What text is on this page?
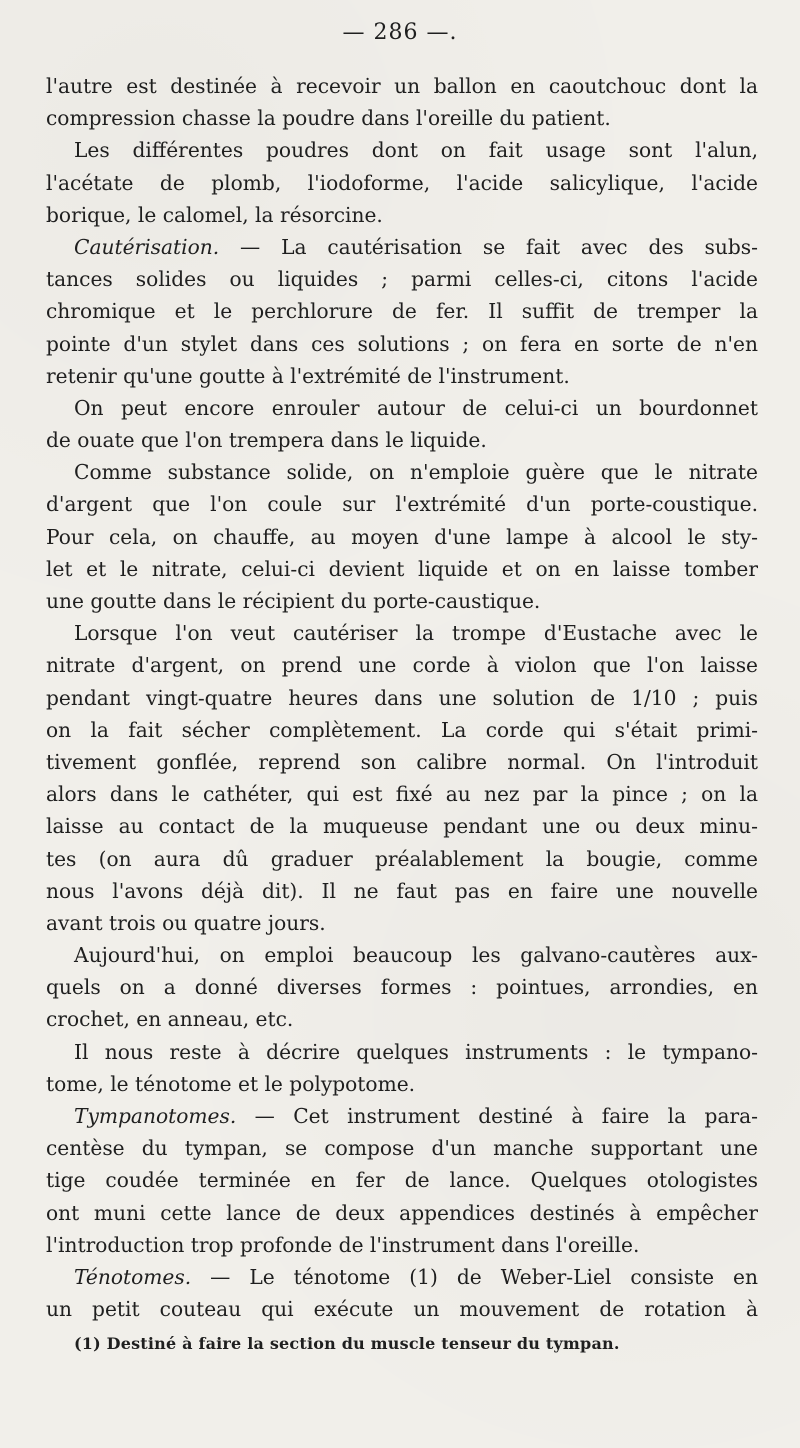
— 286 —.
l'autre est destinée à recevoir un ballon en caoutchouc dont la
compression chasse la poudre dans l'oreille du patient.
Les différentes poudres dont on fait usage sont l'alun,
l'acétate de plomb, l'iodoforme, l'acide salicylique, l'acide
borique, le calomel, la résorcine.
Cautérisation. — La cautérisation se fait avec des subs-
tances solides ou liquides ; parmi celles-ci, citons l'acide
chromique et le perchlorure de fer. Il suffit de tremper la
pointe d'un stylet dans ces solutions ; on fera en sorte de n'en
retenir qu'une goutte à l'extrémité de l'instrument.
On peut encore enrouler autour de celui-ci un bourdonnet
de ouate que l'on trempera dans le liquide.
Comme substance solide, on n'emploie guère que le nitrate
d'argent que l'on coule sur l'extrémité d'un porte-coustique.
Pour cela, on chauffe, au moyen d'une lampe à alcool le sty-
let et le nitrate, celui-ci devient liquide et on en laisse tomber
une goutte dans le récipient du porte-caustique.
Lorsque l'on veut cautériser la trompe d'Eustache avec le
nitrate d'argent, on prend une corde à violon que l'on laisse
pendant vingt-quatre heures dans une solution de 1/10 ; puis
on la fait sécher complètement. La corde qui s'était primi-
tivement gonflée, reprend son calibre normal. On l'introduit
alors dans le cathéter, qui est fixé au nez par la pince ; on la
laisse au contact de la muqueuse pendant une ou deux minu-
tes (on aura dû graduer préalablement la bougie, comme
nous l'avons déjà dit). Il ne faut pas en faire une nouvelle
avant trois ou quatre jours.
Aujourd'hui, on emploi beaucoup les galvano-cautères aux-
quels on a donné diverses formes : pointues, arrondies, en
crochet, en anneau, etc.
Il nous reste à décrire quelques instruments : le tympano-
tome, le ténotome et le polypotome.
Tympanotomes. — Cet instrument destiné à faire la para-
centèse du tympan, se compose d'un manche supportant une
tige coudée terminée en fer de lance. Quelques otologistes
ont muni cette lance de deux appendices destinés à empêcher
l'introduction trop profonde de l'instrument dans l'oreille.
Ténotomes. — Le ténotome (1) de Weber-Liel consiste en
un petit couteau qui exécute un mouvement de rotation à
(1) Destiné à faire la section du muscle tenseur du tympan.
